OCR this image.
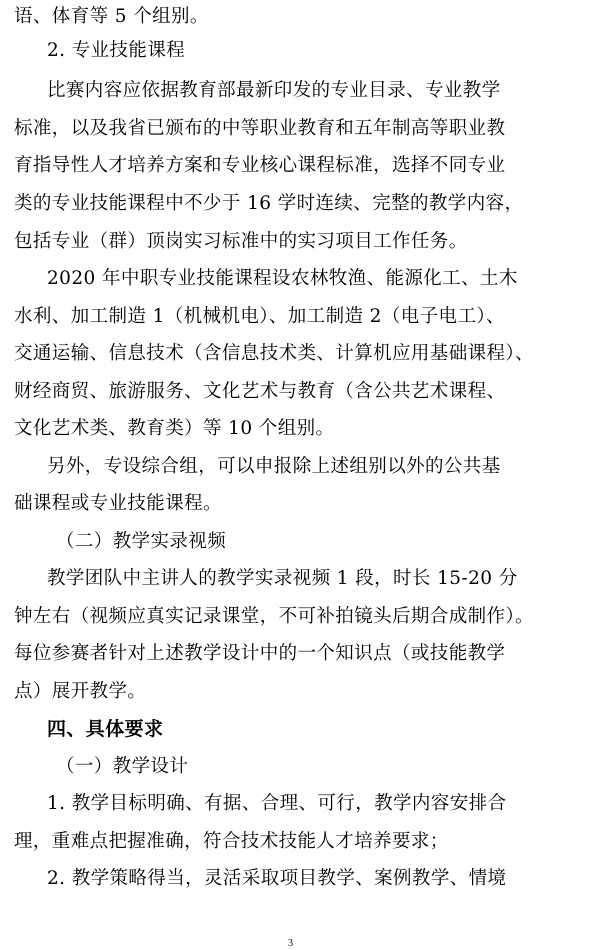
语、体育等 5 个组别。
2. 专业技能课程
比赛内容应依据教育部最新印发的专业目录、专业教学
标准，以及我省已颁布的中等职业教育和五年制高等职业教
育指导性人才培养方案和专业核心课程标准，选择不同专业
类的专业技能课程中不少于 16 学时连续、完整的教学内容，
包括专业（群）顶岗实习标准中的实习项目工作任务。
2020 年中职专业技能课程设农林牧渔、能源化工、土木
水利、加工制造 1（机械机电）、加工制造 2（电子电工）、
交通运输、信息技术（含信息技术类、计算机应用基础课程）、
财经商贸、旅游服务、文化艺术与教育（含公共艺术课程、
文化艺术类、教育类）等 10 个组别。
另外，专设综合组，可以申报除上述组别以外的公共基
础课程或专业技能课程。
（二）教学实录视频
教学团队中主讲人的教学实录视频 1 段，时长 15-20 分
钟左右（视频应真实记录课堂，不可补拍镜头后期合成制作）。
每位参赛者针对上述教学设计中的一个知识点（或技能教学
点）展开教学。
四、具体要求
（一）教学设计
1. 教学目标明确、有据、合理、可行，教学内容安排合
理，重难点把握准确，符合技术技能人才培养要求；
2. 教学策略得当，灵活采取项目教学、案例教学、情境
3
